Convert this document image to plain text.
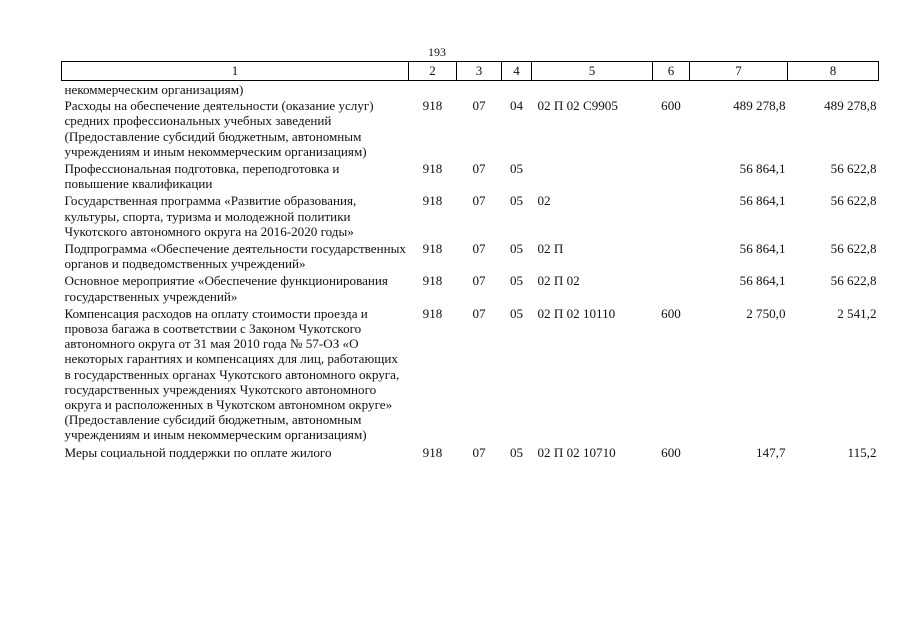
193
1	2	3	4	5	6	7	8
некоммерческим организациям)							
Расходы на обеспечение деятельности (оказание услуг) средних профессиональных учебных заведений (Предоставление субсидий бюджетным, автономным учреждениям и иным некоммерческим организациям)	918	07	04	02 П 02 С9905	600	489 278,8	489 278,8
Профессиональная подготовка, переподготовка и повышение квалификации	918	07	05			56 864,1	56 622,8
Государственная программа «Развитие образования, культуры, спорта, туризма и молодежной политики Чукотского автономного округа на 2016-2020 годы»	918	07	05	02		56 864,1	56 622,8
Подпрограмма «Обеспечение деятельности государственных органов и подведомственных учреждений»	918	07	05	02 П		56 864,1	56 622,8
Основное мероприятие «Обеспечение функционирования государственных учреждений»	918	07	05	02 П 02		56 864,1	56 622,8
Компенсация расходов на оплату стоимости проезда и провоза багажа в соответствии с Законом Чукотского автономного округа от 31 мая 2010 года № 57-ОЗ «О некоторых гарантиях и компенсациях для лиц, работающих в государственных органах Чукотского автономного округа, государственных учреждениях Чукотского автономного округа и расположенных в Чукотском автономном округе» (Предоставление субсидий бюджетным, автономным учреждениям и иным некоммерческим организациям)	918	07	05	02 П 02 10110	600	2 750,0	2 541,2
Меры социальной поддержки по оплате жилого	918	07	05	02 П 02 10710	600	147,7	115,2
